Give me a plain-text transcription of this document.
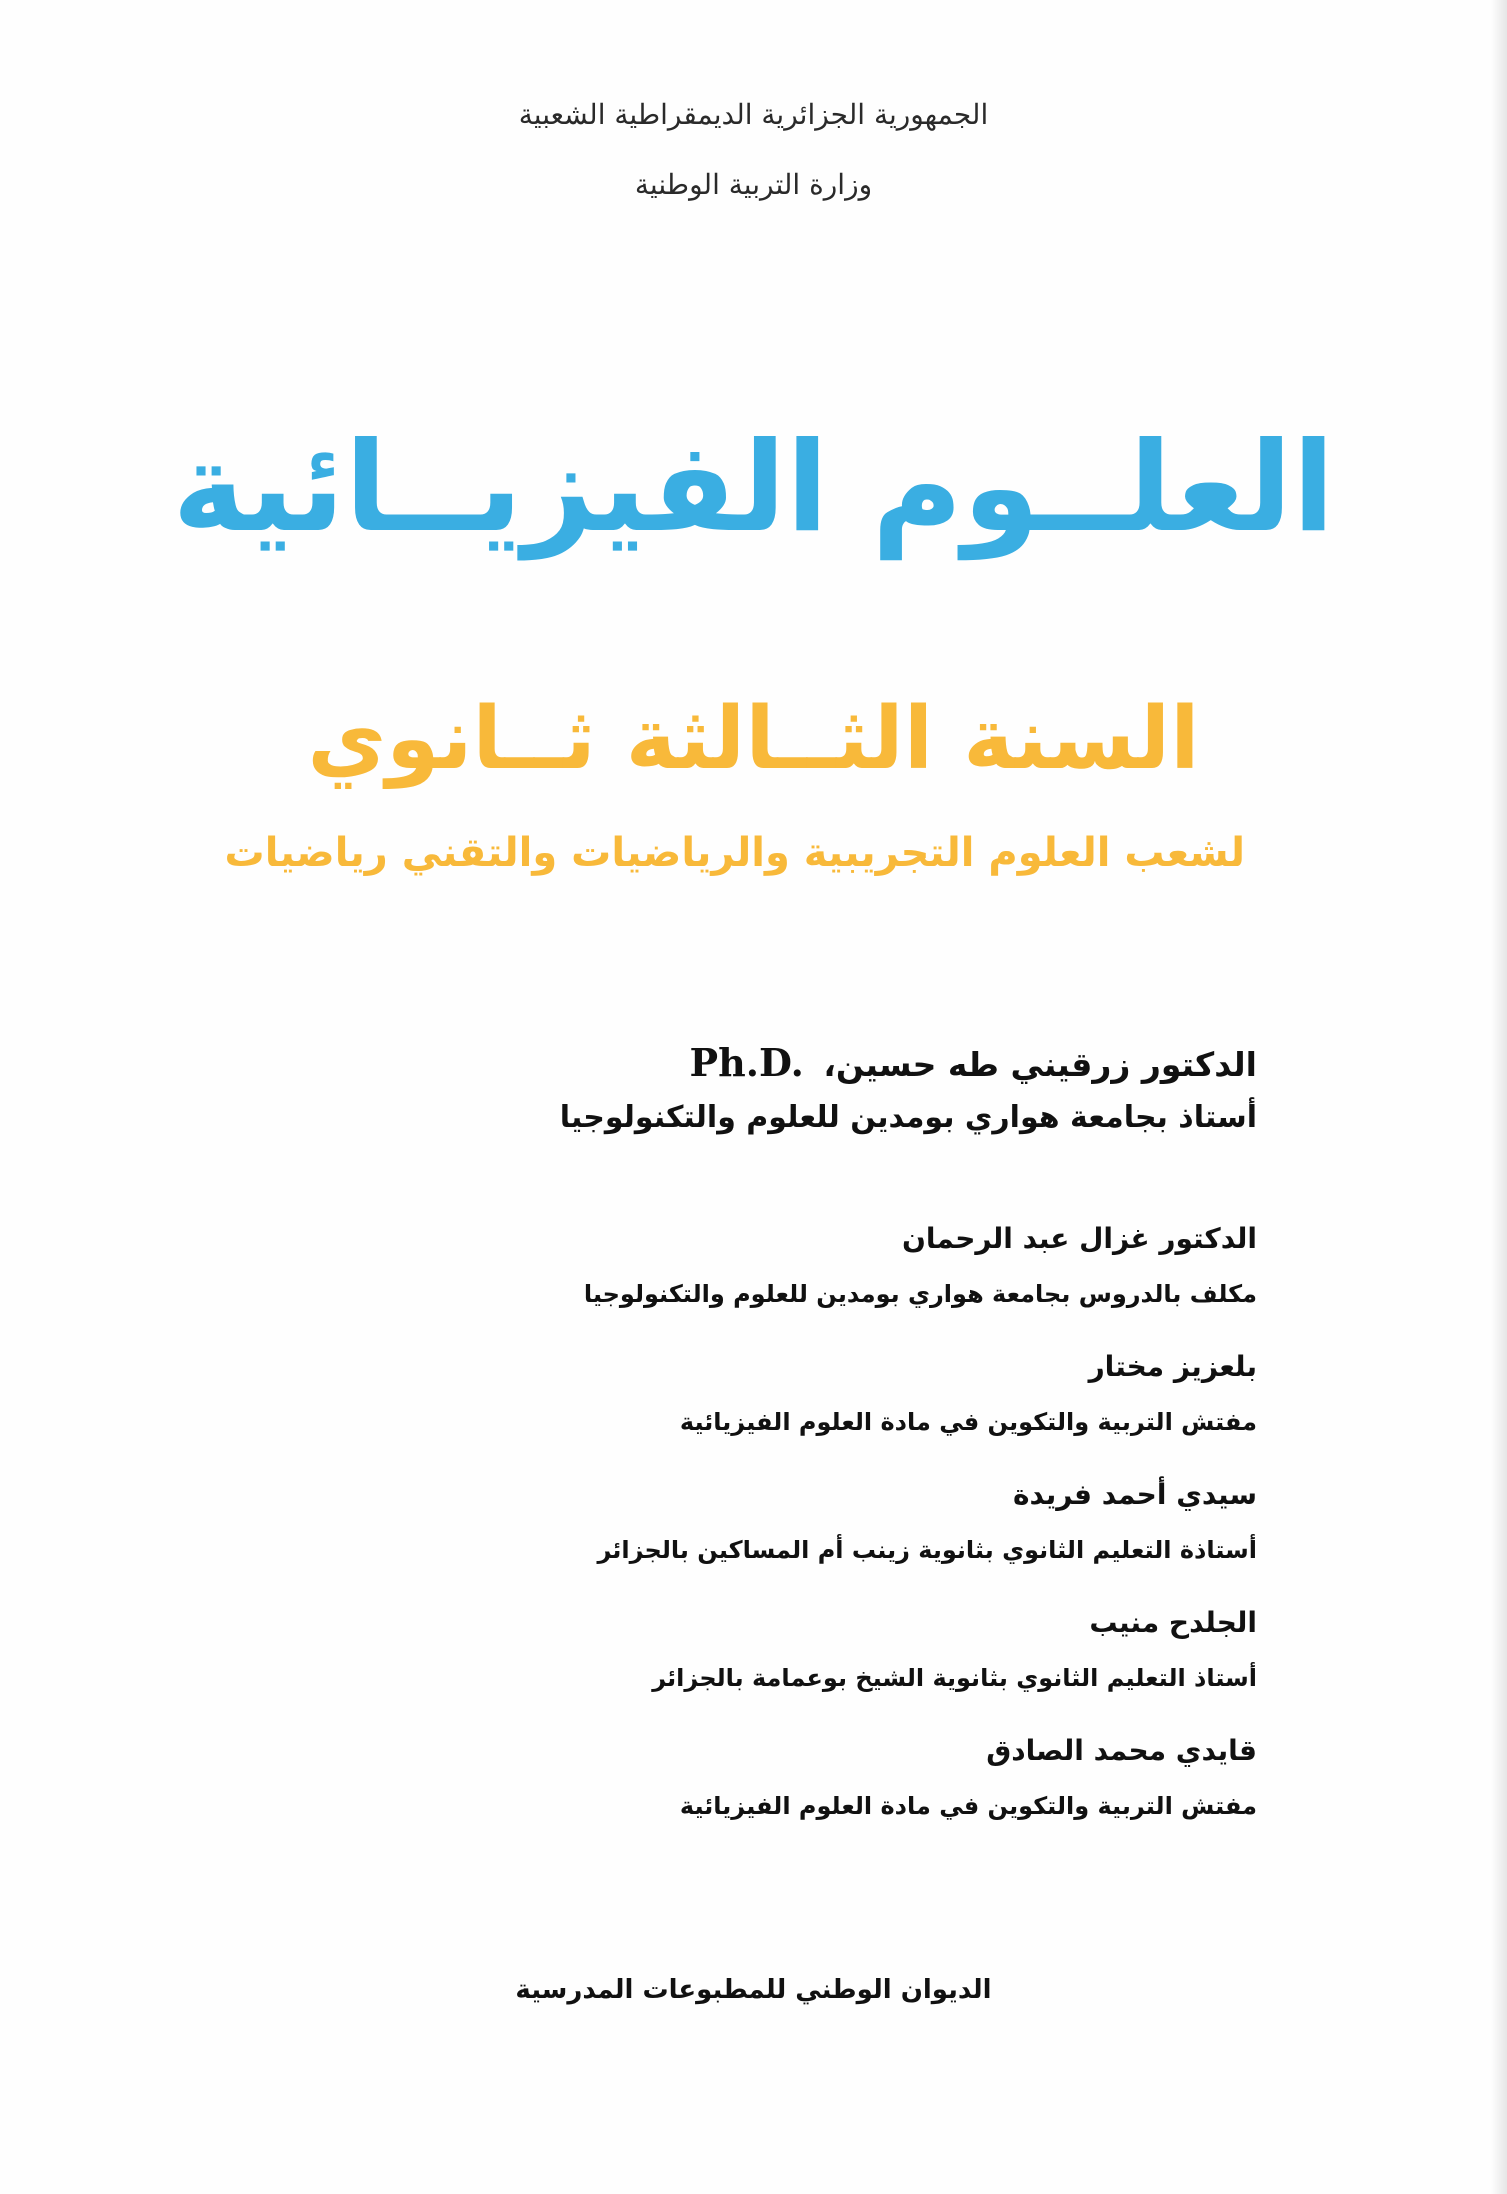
الجمهورية الجزائرية الديمقراطية الشعبية
وزارة التربية الوطنية
العلــوم الفيزيــائية
السنة الثــالثة ثــانوي
لشعب العلوم التجريبية والرياضيات والتقني رياضيات
الدكتور زرقيني طه حسين، Ph.D.
أستاذ بجامعة هواري بومدين للعلوم والتكنولوجيا
الدكتور غزال عبد الرحمان
مكلف بالدروس بجامعة هواري بومدين للعلوم والتكنولوجيا
بلعزيز مختار
مفتش التربية والتكوين في مادة العلوم الفيزيائية
سيدي أحمد فريدة
أستاذة التعليم الثانوي بثانوية زينب أم المساكين بالجزائر
الجلدح منيب
أستاذ التعليم الثانوي بثانوية الشيخ بوعمامة بالجزائر
قايدي محمد الصادق
مفتش التربية والتكوين في مادة العلوم الفيزيائية
الديوان الوطني للمطبوعات المدرسية
